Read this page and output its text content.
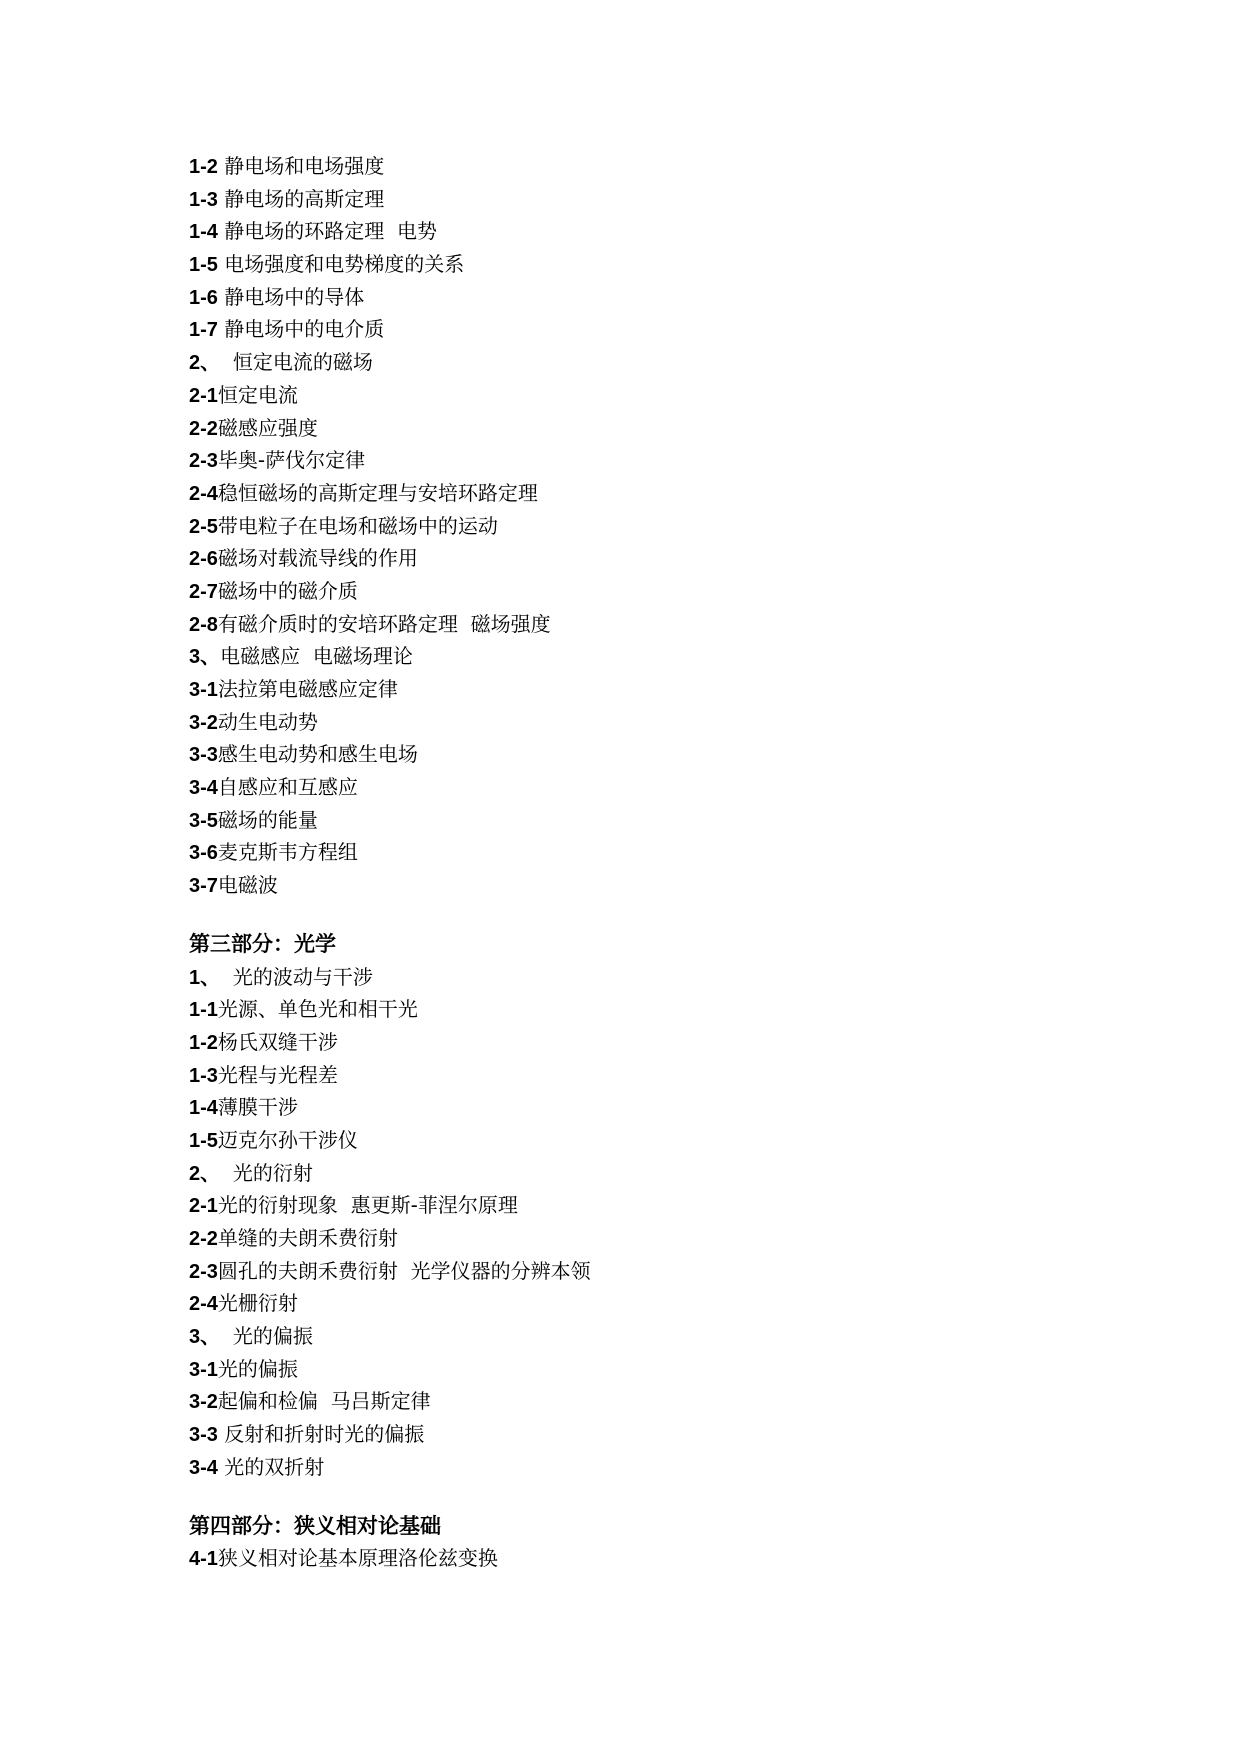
1-2 静电场和电场强度
1-3 静电场的高斯定理
1-4 静电场的环路定理  电势
1-5 电场强度和电势梯度的关系
1-6 静电场中的导体
1-7 静电场中的电介质
2、  恒定电流的磁场
2-1恒定电流
2-2磁感应强度
2-3毕奥-萨伐尔定律
2-4稳恒磁场的高斯定理与安培环路定理
2-5带电粒子在电场和磁场中的运动
2-6磁场对载流导线的作用
2-7磁场中的磁介质
2-8有磁介质时的安培环路定理  磁场强度
3、电磁感应  电磁场理论
3-1法拉第电磁感应定律
3-2动生电动势
3-3感生电动势和感生电场
3-4自感应和互感应
3-5磁场的能量
3-6麦克斯韦方程组
3-7电磁波
第三部分：光学
1、  光的波动与干涉
1-1光源、单色光和相干光
1-2杨氏双缝干涉
1-3光程与光程差
1-4薄膜干涉
1-5迈克尔孙干涉仪
2、  光的衍射
2-1光的衍射现象  惠更斯-菲涅尔原理
2-2单缝的夫朗禾费衍射
2-3圆孔的夫朗禾费衍射  光学仪器的分辨本领
2-4光栅衍射
3、  光的偏振
3-1光的偏振
3-2起偏和检偏  马吕斯定律
3-3 反射和折射时光的偏振
3-4 光的双折射
第四部分：狭义相对论基础
4-1狭义相对论基本原理洛伦兹变换
